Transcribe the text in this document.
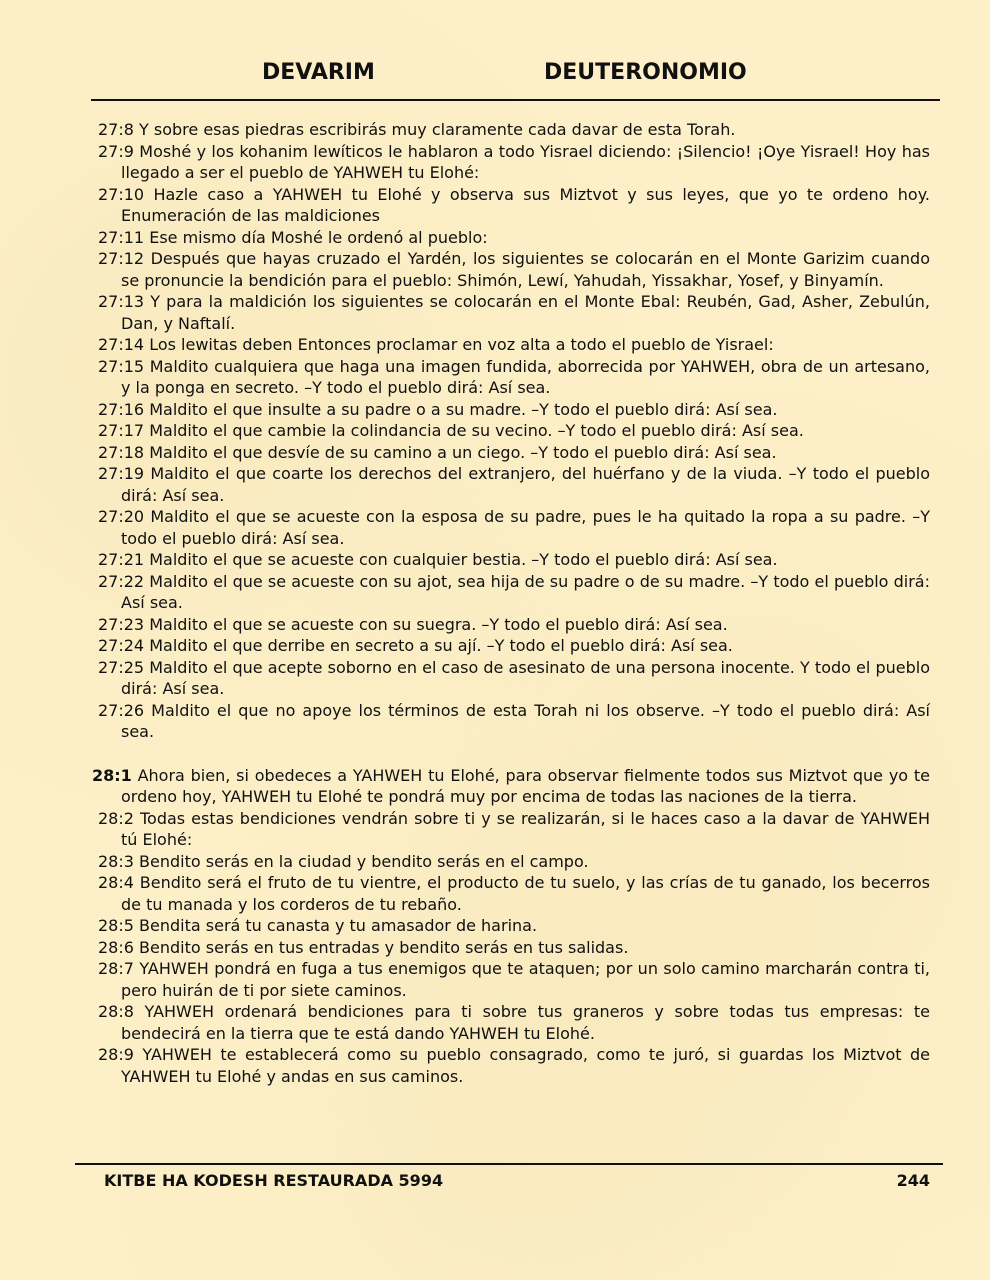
DEVARIM	DEUTERONOMIO

27:8 Y sobre esas piedras escribirás muy claramente cada davar de esta Torah.

27:9 Moshé y los kohanim lewíticos le hablaron a todo Yisrael diciendo: ¡Silencio! ¡Oye Yisrael! Hoy has llegado a ser el pueblo de YAHWEH tu Elohé:

27:10 Hazle caso a YAHWEH tu Elohé y observa sus Miztvot y sus leyes, que yo te ordeno hoy. Enumeración de las maldiciones

27:11 Ese mismo día Moshé le ordenó al pueblo:

27:12 Después que hayas cruzado el Yardén, los siguientes se colocarán en el Monte Garizim cuando se pronuncie la bendición para el pueblo: Shimón, Lewí, Yahudah, Yissakhar, Yosef, y Binyamín.

27:13 Y para la maldición los siguientes se colocarán en el Monte Ebal: Reubén, Gad, Asher, Zebulún, Dan, y Naftalí.

27:14 Los lewitas deben Entonces proclamar en voz alta a todo el pueblo de Yisrael:

27:15 Maldito cualquiera que haga una imagen fundida, aborrecida por YAHWEH, obra de un artesano, y la ponga en secreto. –Y todo el pueblo dirá: Así sea.

27:16 Maldito el que insulte a su padre o a su madre. –Y todo el pueblo dirá: Así sea.

27:17 Maldito el que cambie la colindancia de su vecino. –Y todo el pueblo dirá: Así sea.

27:18 Maldito el que desvíe de su camino a un ciego. –Y todo el pueblo dirá: Así sea.

27:19 Maldito el que coarte los derechos del extranjero, del huérfano y de la viuda. –Y todo el pueblo dirá: Así sea.

27:20 Maldito el que se acueste con la esposa de su padre, pues le ha quitado la ropa a su padre. –Y todo el pueblo dirá: Así sea.

27:21 Maldito el que se acueste con cualquier bestia. –Y todo el pueblo dirá: Así sea.

27:22 Maldito el que se acueste con su ajot, sea hija de su padre o de su madre. –Y todo el pueblo dirá: Así sea.

27:23 Maldito el que se acueste con su suegra. –Y todo el pueblo dirá: Así sea.

27:24 Maldito el que derribe en secreto a su ají. –Y todo el pueblo dirá: Así sea.

27:25 Maldito el que acepte soborno en el caso de asesinato de una persona inocente. Y todo el pueblo dirá: Así sea.

27:26 Maldito el que no apoye los términos de esta Torah ni los observe. –Y todo el pueblo dirá: Así sea.

28:1 Ahora bien, si obedeces a YAHWEH tu Elohé, para observar fielmente todos sus Miztvot que yo te ordeno hoy, YAHWEH tu Elohé te pondrá muy por encima de todas las naciones de la tierra.

28:2 Todas estas bendiciones vendrán sobre ti y se realizarán, si le haces caso a la davar de YAHWEH tú Elohé:

28:3 Bendito serás en la ciudad y bendito serás en el campo.

28:4 Bendito será el fruto de tu vientre, el producto de tu suelo, y las crías de tu ganado, los becerros de tu manada y los corderos de tu rebaño.

28:5 Bendita será tu canasta y tu amasador de harina.

28:6 Bendito serás en tus entradas y bendito serás en tus salidas.

28:7 YAHWEH pondrá en fuga a tus enemigos que te ataquen; por un solo camino marcharán contra ti, pero huirán de ti por siete caminos.

28:8 YAHWEH ordenará bendiciones para ti sobre tus graneros y sobre todas tus empresas: te bendecirá en la tierra que te está dando YAHWEH tu Elohé.

28:9 YAHWEH te establecerá como su pueblo consagrado, como te juró, si guardas los Miztvot de YAHWEH tu Elohé y andas en sus caminos.

KITBE HA KODESH RESTAURADA 5994	244
